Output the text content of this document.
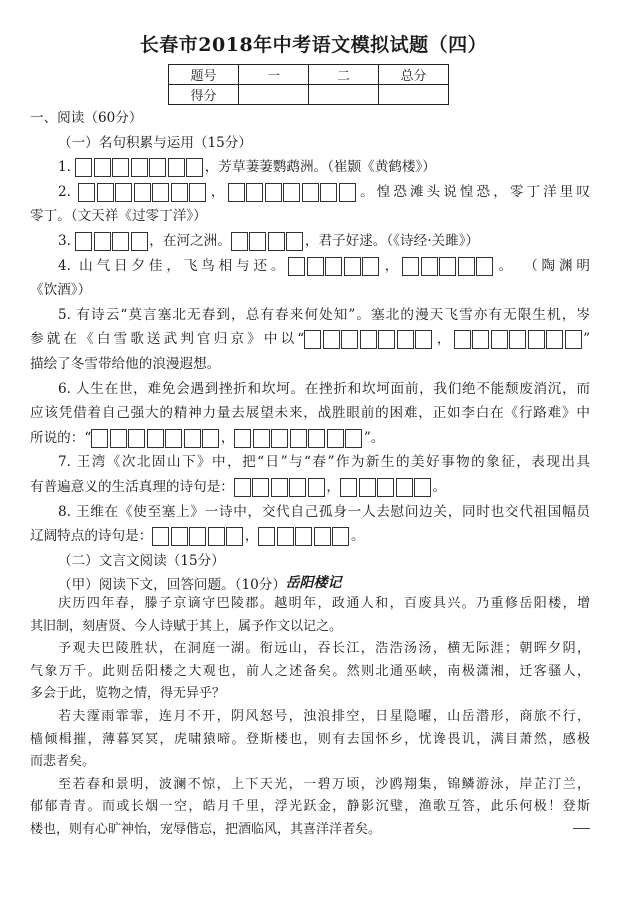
长春市2018年中考语文模拟试题（四）
题号	一	二	总分
得分			
一、阅读（60分）
（一）名句积累与运用（15分）
1.	，芳草萋萋鹦鹉洲。（崔颢《黄鹤楼》）
2.	，	。惶恐滩头说惶恐，零丁洋里叹
零丁。（文天祥《过零丁洋》）
3.	，在河之洲。	，君子好逑。（《诗经·关雎》）
4. 山气日夕佳，飞鸟相与还。	，	。 （陶渊明
《饮酒》）
5. 有诗云“莫言塞北无春到，总有春来何处知”。塞北的漫天飞雪亦有无限生机，岑
参就在《白雪歌送武判官归京》中以“	，	”
描绘了冬雪带给他的浪漫遐想。
6. 人生在世，难免会遇到挫折和坎坷。在挫折和坎坷面前，我们绝不能颓废消沉，而
应该凭借着自己强大的精神力量去展望未来，战胜眼前的困难，正如李白在《行路难》中
所说的：“	，	”。
7. 王湾《次北固山下》中，把“日”与“春”作为新生的美好事物的象征，表现出具
有普遍意义的生活真理的诗句是：	，	。
8. 王维在《使至塞上》一诗中，交代自己孤身一人去慰问边关，同时也交代祖国幅员
辽阔特点的诗句是：	，	。
（二）文言文阅读（15分）
（甲）阅读下文，回答问题。（10分） 岳阳楼记
庆历四年春，滕子京谪守巴陵郡。越明年，政通人和，百废具兴。乃重修岳阳楼，增
其旧制，刻唐贤、今人诗赋于其上，属予作文以记之。
予观夫巴陵胜状，在洞庭一湖。衔远山，吞长江，浩浩汤汤，横无际涯；朝晖夕阴，
气象万千。此则岳阳楼之大观也，前人之述备矣。然则北通巫峡，南极潇湘，迁客骚人，
多会于此，览物之情，得无异乎？
若夫霪雨霏霏，连月不开，阴风怒号，浊浪排空，日星隐曜，山岳潜形，商旅不行，
樯倾楫摧，薄暮冥冥，虎啸猿啼。登斯楼也，则有去国怀乡，忧谗畏讥，满目萧然，感极
而悲者矣。
至若春和景明，波澜不惊，上下天光，一碧万顷，沙鸥翔集，锦鳞游泳，岸芷汀兰，
郁郁青青。而或长烟一空，皓月千里，浮光跃金，静影沉璧，渔歌互答，此乐何极！登斯
楼也，则有心旷神怡，宠辱偕忘，把酒临风，其喜洋洋者矣。
